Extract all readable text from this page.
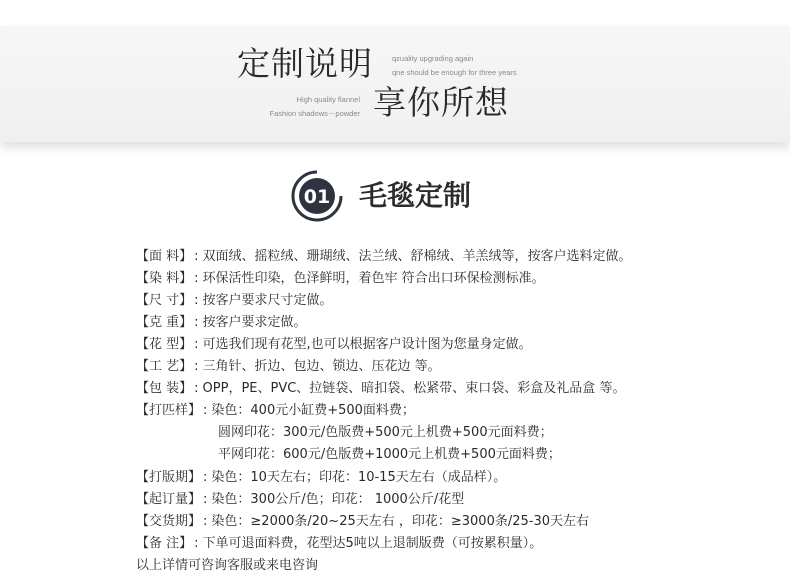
定制说明	qzuality upgrading again
qne should be enough for three years
High quality flannel
Fashion shadows－powder 享你所想
01 毛毯定制
【面 料】 : 双面绒、摇粒绒、珊瑚绒、法兰绒、舒棉绒、羊羔绒等，按客户选料定做。
【染 料】 : 环保活性印染，色泽鲜明，着色牢 符合出口环保检测标准。
【尺 寸】 : 按客户要求尺寸定做。
【克 重】 : 按客户要求定做。
【花 型】 : 可选我们现有花型,也可以根据客户设计图为您量身定做。
【工 艺】 : 三角针、折边、包边、锁边、压花边 等。
【包 装】 : OPP，PE、PVC、拉链袋、暗扣袋、松紧带、束口袋、彩盒及礼品盒 等。
【打匹样】 : 染色：400元小缸费+500面料费；
圆网印花：300元/色版费+500元上机费+500元面料费；
平网印花：600元/色版费+1000元上机费+500元面料费；
【打版期】 : 染色：10天左右；印花：10-15天左右（成品样）。
【起订量】 : 染色：300公斤/色；印花： 1000公斤/花型
【交货期】 : 染色：≥2000条/20~25天左右 ，印花：≥3000条/25-30天左右
【备 注】 : 下单可退面料费，花型达5吨以上退制版费（可按累积量）。
以上详情可咨询客服或来电咨询
